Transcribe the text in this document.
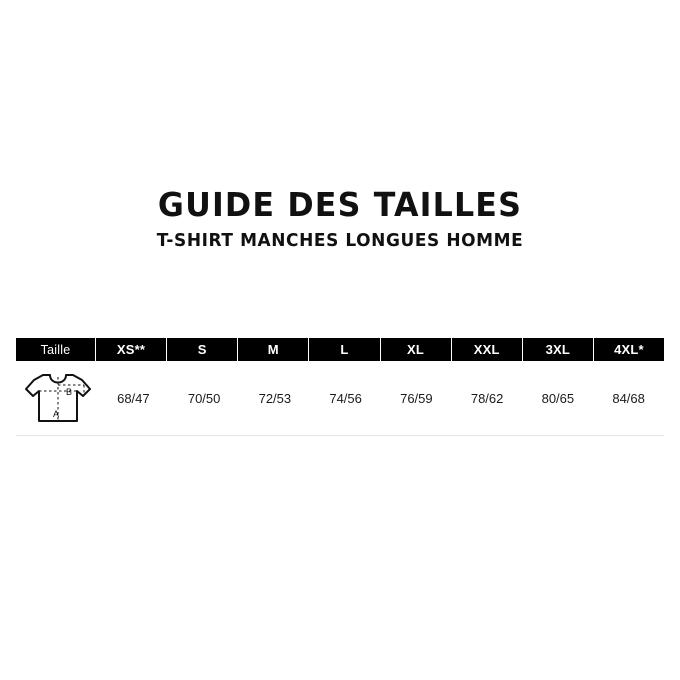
GUIDE DES TAILLES
T-SHIRT MANCHES LONGUES HOMME
Taille	XS**	S	M	L	XL	XXL	3XL	4XL*
A
B	68/47	70/50	72/53	74/56	76/59	78/62	80/65	84/68
